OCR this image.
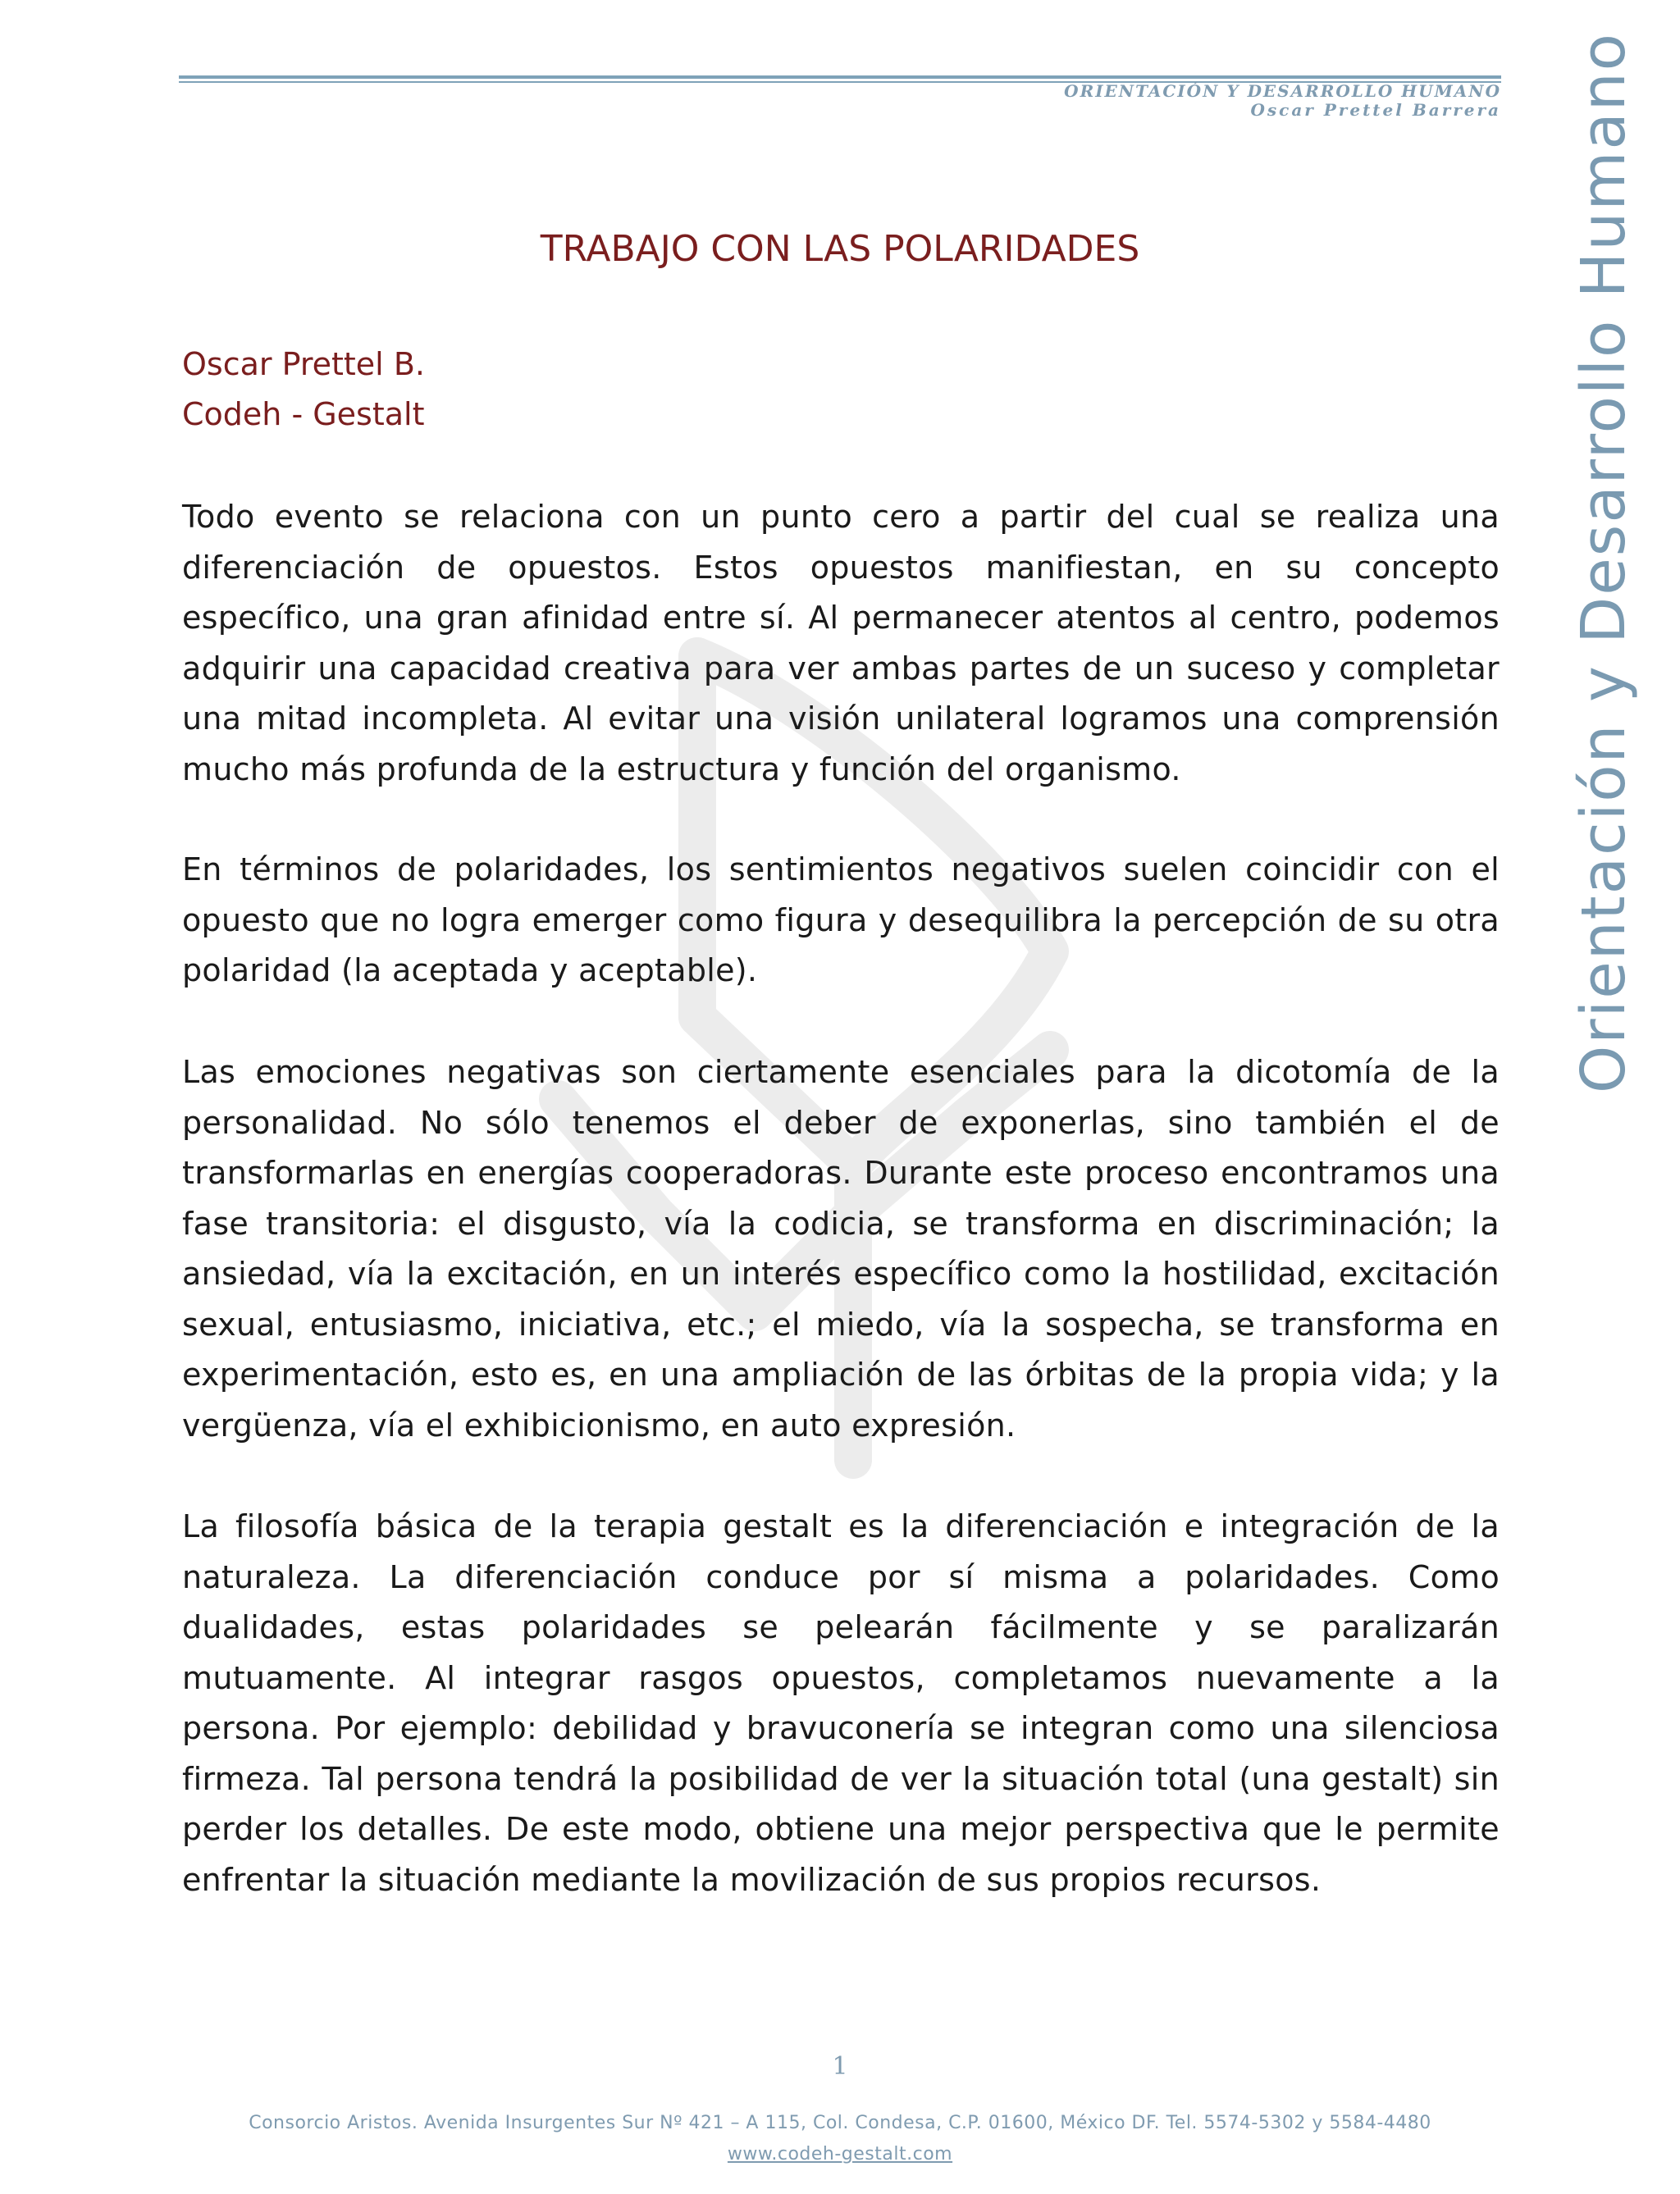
ORIENTACIÓN Y DESARROLLO HUMANO
Oscar Prettel Barrera Orientación y Desarrollo Humano
TRABAJO CON LAS POLARIDADES
Oscar Prettel B.
Codeh - Gestalt
Todo evento se relaciona con un punto cero a partir del cual se realiza una diferenciación de opuestos. Estos opuestos manifiestan, en su concepto específico, una gran afinidad entre sí. Al permanecer atentos al centro, podemos adquirir una capacidad creativa para ver ambas partes de un suceso y completar una mitad incompleta. Al evitar una visión unilateral logramos una comprensión mucho más profunda de la estructura y función del organismo.
En términos de polaridades, los sentimientos negativos suelen coincidir con el opuesto que no logra emerger como figura y desequilibra la percepción de su otra polaridad (la aceptada y aceptable).
Las emociones negativas son ciertamente esenciales para la dicotomía de la personalidad. No sólo tenemos el deber de exponerlas, sino también el de transformarlas en energías cooperadoras. Durante este proceso encontramos una fase transitoria: el disgusto, vía la codicia, se transforma en discriminación; la ansiedad, vía la excitación, en un interés específico como la hostilidad, excitación sexual, entusiasmo, iniciativa, etc.; el miedo, vía la sospecha, se transforma en experimentación, esto es, en una ampliación de las órbitas de la propia vida; y la vergüenza, vía el exhibicionismo, en auto expresión.
La filosofía básica de la terapia gestalt es la diferenciación e integración de la naturaleza. La diferenciación conduce por sí misma a polaridades. Como dualidades, estas polaridades se pelearán fácilmente y se paralizarán mutuamente. Al integrar rasgos opuestos, completamos nuevamente a la persona. Por ejemplo: debilidad y bravuconería se integran como una silenciosa firmeza. Tal persona tendrá la posibilidad de ver la situación total (una gestalt) sin perder los detalles. De este modo, obtiene una mejor perspectiva que le permite enfrentar la situación mediante la movilización de sus propios recursos.
1
Consorcio Aristos. Avenida Insurgentes Sur Nº 421 – A 115, Col. Condesa, C.P. 01600, México DF. Tel. 5574-5302 y 5584-4480
www.codeh-gestalt.com
